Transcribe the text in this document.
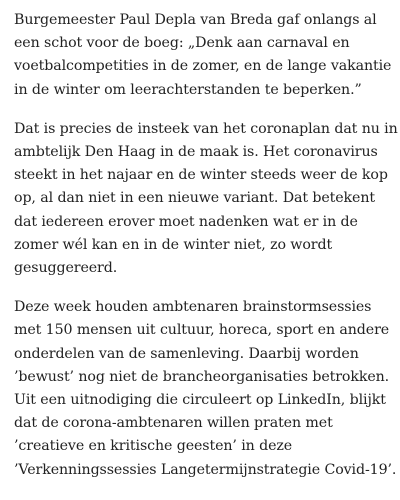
Burgemeester Paul Depla van Breda gaf onlangs al
een schot voor de boeg: „Denk aan carnaval en
voetbalcompetities in de zomer, en de lange vakantie
in de winter om leerachterstanden te beperken.”

Dat is precies de insteek van het coronaplan dat nu in
ambtelijk Den Haag in de maak is. Het coronavirus
steekt in het najaar en de winter steeds weer de kop
op, al dan niet in een nieuwe variant. Dat betekent
dat iedereen erover moet nadenken wat er in de
zomer wél kan en in de winter niet, zo wordt
gesuggereerd.

Deze week houden ambtenaren brainstormsessies
met 150 mensen uit cultuur, horeca, sport en andere
onderdelen van de samenleving. Daarbij worden
’bewust’ nog niet de brancheorganisaties betrokken.
Uit een uitnodiging die circuleert op LinkedIn, blijkt
dat de corona-ambtenaren willen praten met
’creatieve en kritische geesten’ in deze
’Verkenningssessies Langetermijnstrategie Covid-19’.
